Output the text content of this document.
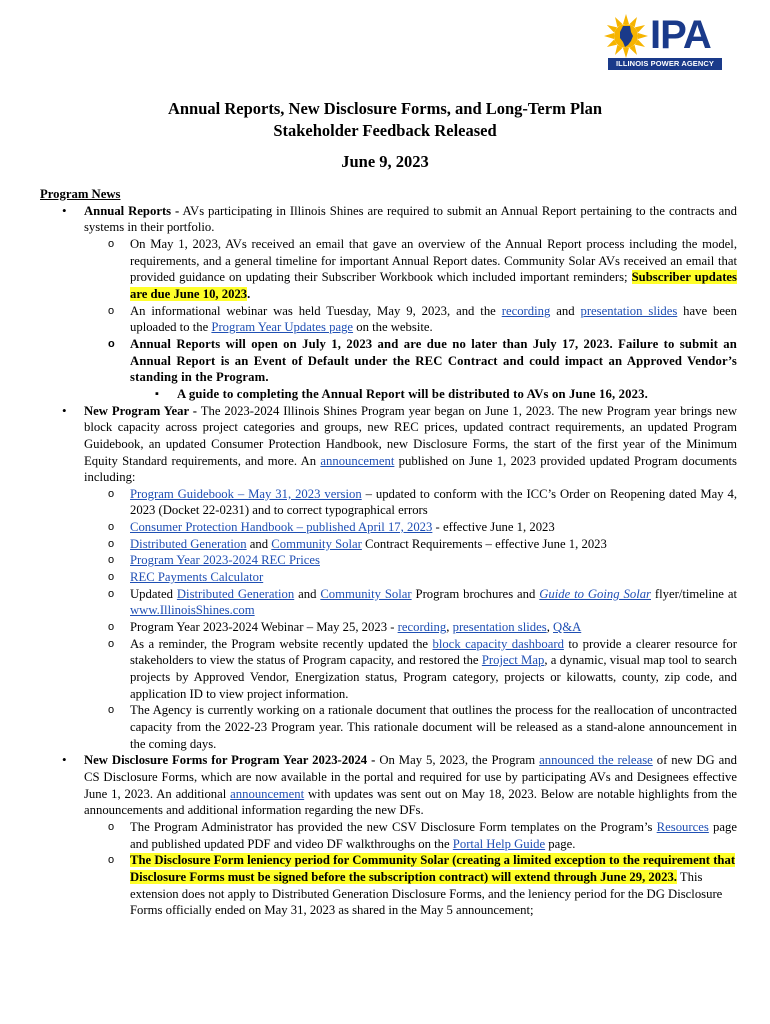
IPA
ILLINOIS POWER AGENCY
Annual Reports, New Disclosure Forms, and Long-Term Plan
Stakeholder Feedback Released
June 9, 2023
Program News
• Annual Reports - AVs participating in Illinois Shines are required to submit an Annual Report pertaining to the contracts and systems in their portfolio.
o On May 1, 2023, AVs received an email that gave an overview of the Annual Report process including the model, requirements, and a general timeline for important Annual Report dates. Community Solar AVs received an email that provided guidance on updating their Subscriber Workbook which included important reminders; Subscriber updates are due June 10, 2023.
o An informational webinar was held Tuesday, May 9, 2023, and the recording and presentation slides have been uploaded to the Program Year Updates page on the website.
o Annual Reports will open on July 1, 2023 and are due no later than July 17, 2023. Failure to submit an Annual Report is an Event of Default under the REC Contract and could impact an Approved Vendor’s standing in the Program.
▪ A guide to completing the Annual Report will be distributed to AVs on June 16, 2023.
• New Program Year - The 2023-2024 Illinois Shines Program year began on June 1, 2023. The new Program year brings new block capacity across project categories and groups, new REC prices, updated contract requirements, an updated Program Guidebook, an updated Consumer Protection Handbook, new Disclosure Forms, the start of the first year of the Minimum Equity Standard requirements, and more. An announcement published on June 1, 2023 provided updated Program documents including:
o Program Guidebook – May 31, 2023 version – updated to conform with the ICC’s Order on Reopening dated May 4, 2023 (Docket 22-0231) and to correct typographical errors
o Consumer Protection Handbook – published April 17, 2023 - effective June 1, 2023
o Distributed Generation and Community Solar Contract Requirements – effective June 1, 2023
o Program Year 2023-2024 REC Prices
o REC Payments Calculator
o Updated Distributed Generation and Community Solar Program brochures and Guide to Going Solar flyer/timeline at www.IllinoisShines.com
o Program Year 2023-2024 Webinar – May 25, 2023 - recording, presentation slides, Q&A
o As a reminder, the Program website recently updated the block capacity dashboard to provide a clearer resource for stakeholders to view the status of Program capacity, and restored the Project Map, a dynamic, visual map tool to search projects by Approved Vendor, Energization status, Program category, projects or kilowatts, county, zip code, and application ID to view project information.
o The Agency is currently working on a rationale document that outlines the process for the reallocation of uncontracted capacity from the 2022-23 Program year. This rationale document will be released as a stand-alone announcement in the coming days.
• New Disclosure Forms for Program Year 2023-2024 - On May 5, 2023, the Program announced the release of new DG and CS Disclosure Forms, which are now available in the portal and required for use by participating AVs and Designees effective June 1, 2023. An additional announcement with updates was sent out on May 18, 2023. Below are notable highlights from the announcements and additional information regarding the new DFs.
o The Program Administrator has provided the new CSV Disclosure Form templates on the Program’s Resources page and published updated PDF and video DF walkthroughs on the Portal Help Guide page.
o The Disclosure Form leniency period for Community Solar (creating a limited exception to the requirement that Disclosure Forms must be signed before the subscription contract) will extend through June 29, 2023. This extension does not apply to Distributed Generation Disclosure Forms, and the leniency period for the DG Disclosure Forms officially ended on May 31, 2023 as shared in the May 5 announcement;
